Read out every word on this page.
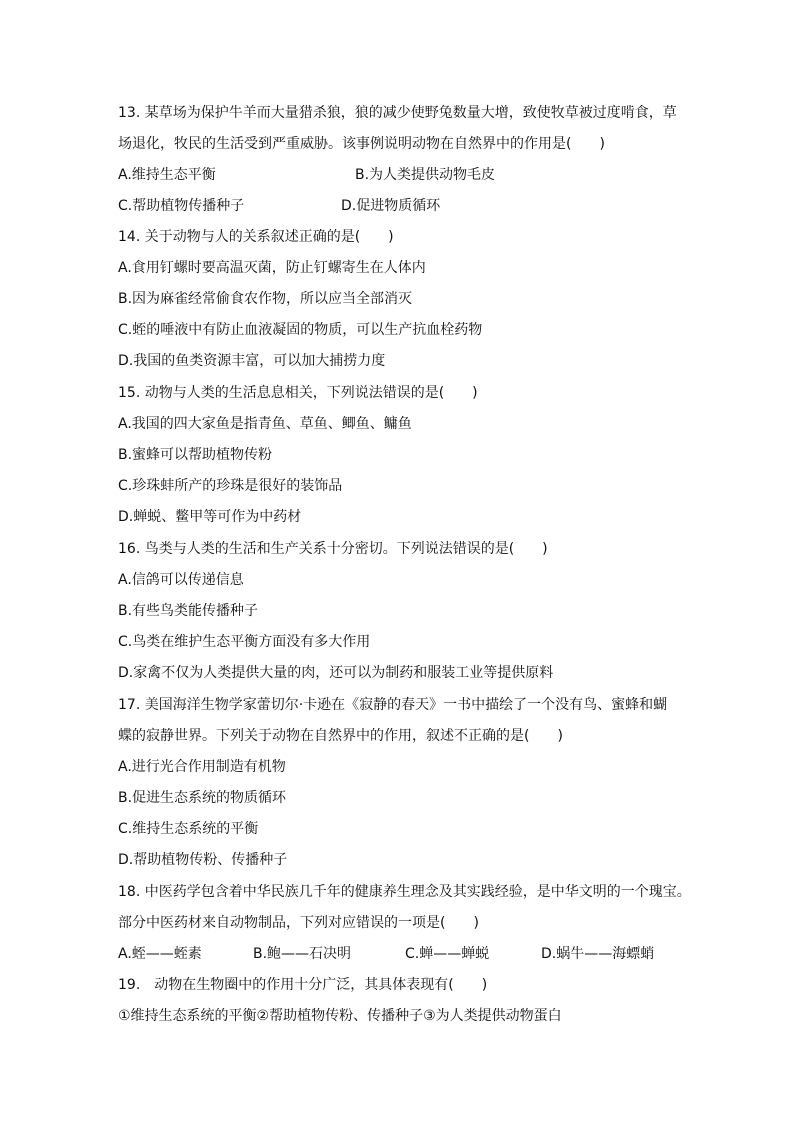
13. 某草场为保护牛羊而大量猎杀狼，狼的减少使野兔数量大增，致使牧草被过度啃食，草

场退化，牧民的生活受到严重威胁。该事例说明动物在自然界中的作用是(　　)

A.维持生态平衡	B.为人类提供动物毛皮
C.帮助植物传播种子	D.促进物质循环

14. 关于动物与人的关系叙述正确的是(　　)

A.食用钉螺时要高温灭菌，防止钉螺寄生在人体内

B.因为麻雀经常偷食农作物，所以应当全部消灭

C.蛭的唾液中有防止血液凝固的物质，可以生产抗血栓药物

D.我国的鱼类资源丰富，可以加大捕捞力度

15. 动物与人类的生活息息相关，下列说法错误的是(　　)

A.我国的四大家鱼是指青鱼、草鱼、鲫鱼、鳙鱼

B.蜜蜂可以帮助植物传粉

C.珍珠蚌所产的珍珠是很好的装饰品

D.蝉蜕、鳖甲等可作为中药材

16. 鸟类与人类的生活和生产关系十分密切。下列说法错误的是(　　)

A.信鸽可以传递信息

B.有些鸟类能传播种子

C.鸟类在维护生态平衡方面没有多大作用

D.家禽不仅为人类提供大量的肉，还可以为制药和服装工业等提供原料

17. 美国海洋生物学家蕾切尔·卡逊在《寂静的春天》一书中描绘了一个没有鸟、蜜蜂和蝴

蝶的寂静世界。下列关于动物在自然界中的作用，叙述不正确的是(　　)

A.进行光合作用制造有机物

B.促进生态系统的物质循环

C.维持生态系统的平衡

D.帮助植物传粉、传播种子

18. 中医药学包含着中华民族几千年的健康养生理念及其实践经验，是中华文明的一个瑰宝。

部分中医药材来自动物制品，下列对应错误的一项是(　　)

A.蛭——蛭素	B.鲍——石决明	C.蝉——蝉蜕	D.蜗牛——海螵蛸

19.　动物在生物圈中的作用十分广泛，其具体表现有(　　)

①维持生态系统的平衡②帮助植物传粉、传播种子③为人类提供动物蛋白
